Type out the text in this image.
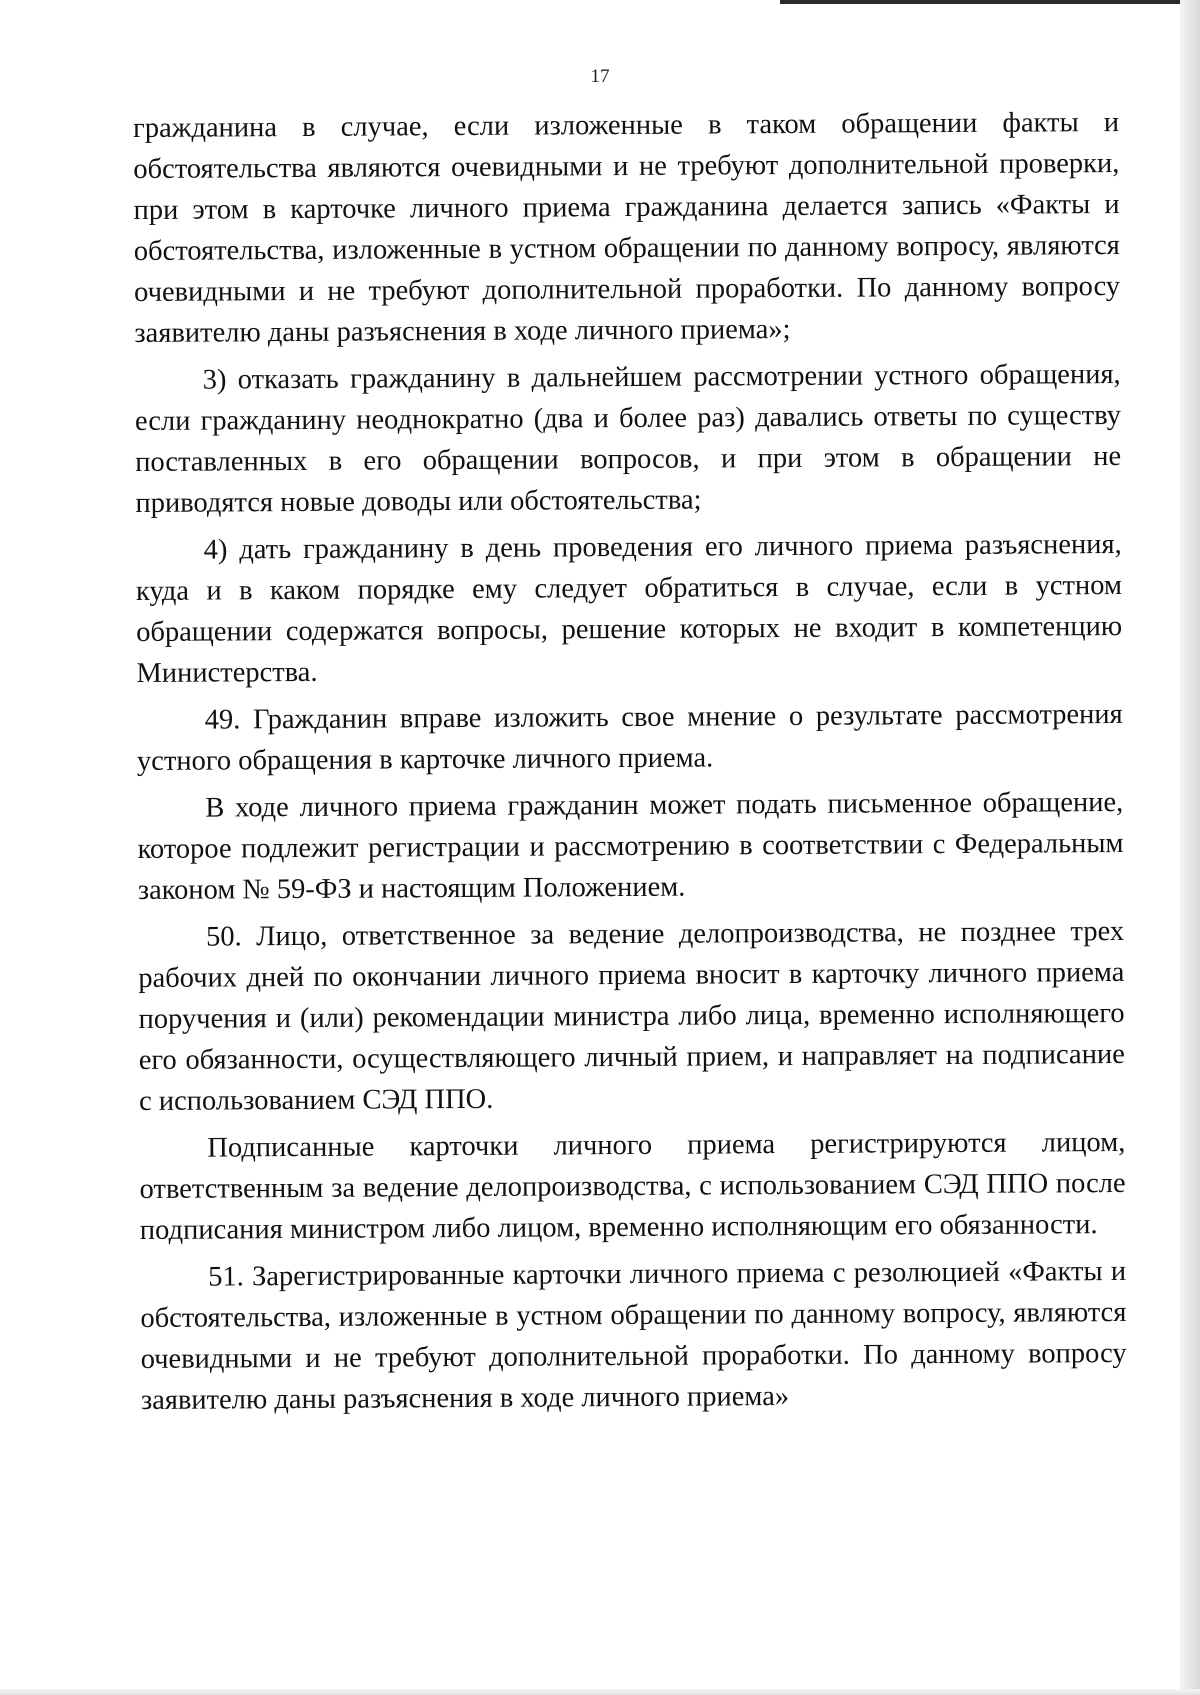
17

гражданина в случае, если изложенные в таком обращении факты и обстоятельства являются очевидными и не требуют дополнительной проверки, при этом в карточке личного приема гражданина делается запись «Факты и обстоятельства, изложенные в устном обращении по данному вопросу, являются очевидными и не требуют дополнительной проработки. По данному вопросу заявителю даны разъяснения в ходе личного приема»;

3) отказать гражданину в дальнейшем рассмотрении устного обращения, если гражданину неоднократно (два и более раз) давались ответы по существу поставленных в его обращении вопросов, и при этом в обращении не приводятся новые доводы или обстоятельства;

4) дать гражданину в день проведения его личного приема разъяснения, куда и в каком порядке ему следует обратиться в случае, если в устном обращении содержатся вопросы, решение которых не входит в компетенцию Министерства.

49. Гражданин вправе изложить свое мнение о результате рассмотрения устного обращения в карточке личного приема.

В ходе личного приема гражданин может подать письменное обращение, которое подлежит регистрации и рассмотрению в соответствии с Федеральным законом № 59-ФЗ и настоящим Положением.

50. Лицо, ответственное за ведение делопроизводства, не позднее трех рабочих дней по окончании личного приема вносит в карточку личного приема поручения и (или) рекомендации министра либо лица, временно исполняющего его обязанности, осуществляющего личный прием, и направляет на подписание с использованием СЭД ППО.

Подписанные карточки личного приема регистрируются лицом, ответственным за ведение делопроизводства, с использованием СЭД ППО после подписания министром либо лицом, временно исполняющим его обязанности.

51. Зарегистрированные карточки личного приема с резолюцией «Факты и обстоятельства, изложенные в устном обращении по данному вопросу, являются очевидными и не требуют дополнительной проработки. По данному вопросу заявителю даны разъяснения в ходе личного приема»
